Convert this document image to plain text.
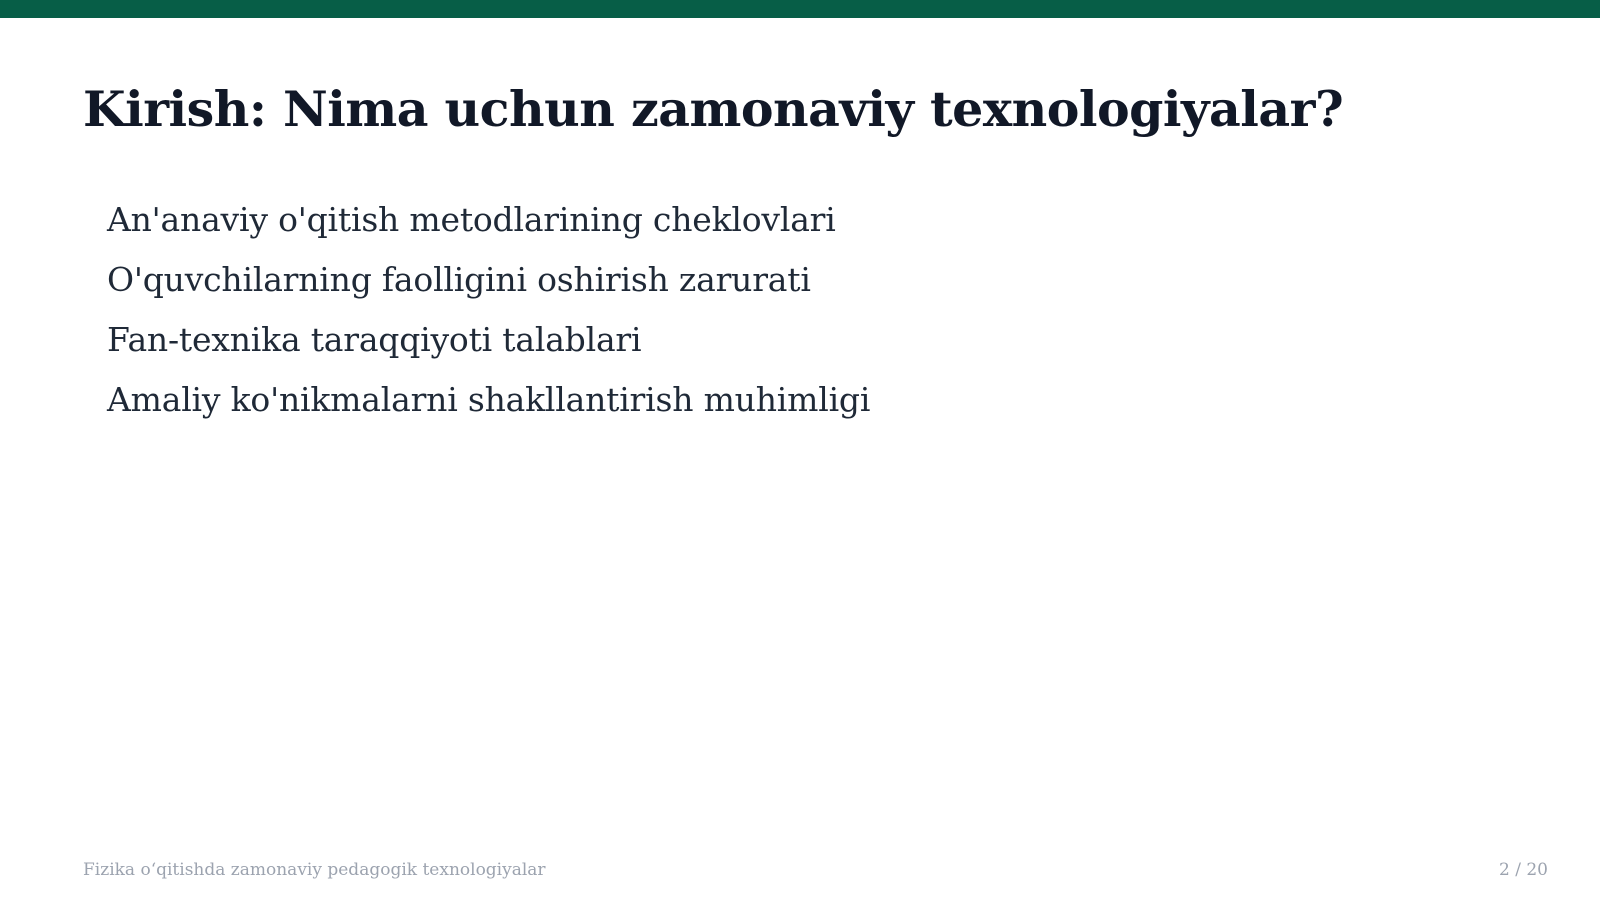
Kirish: Nima uchun zamonaviy texnologiyalar?
An'anaviy o'qitish metodlarining cheklovlari
O'quvchilarning faolligini oshirish zarurati
Fan-texnika taraqqiyoti talablari
Amaliy ko'nikmalarni shakllantirish muhimligi
Fizika o‘qitishda zamonaviy pedagogik texnologiyalar	2 / 20
